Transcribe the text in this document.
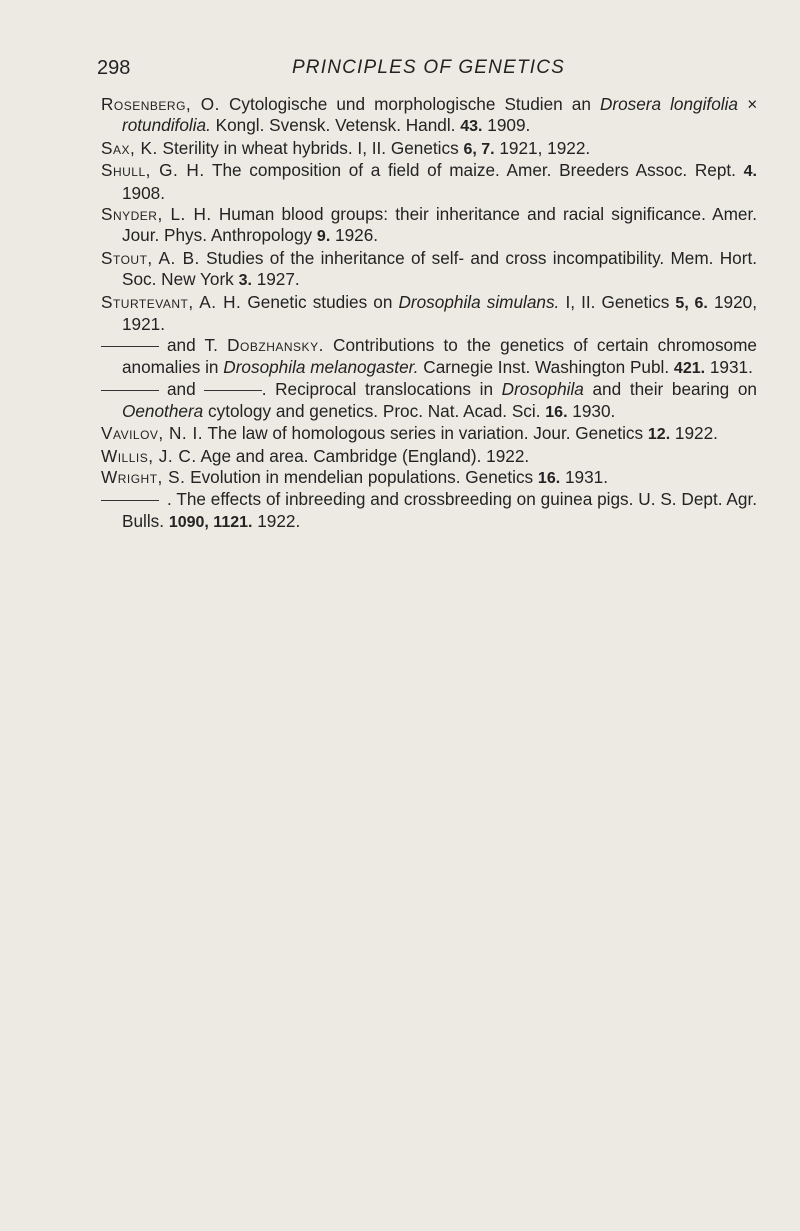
298	PRINCIPLES OF GENETICS

Rosenberg, O. Cytologische und morphologische Studien an Drosera longifolia × rotundifolia. Kongl. Svensk. Vetensk. Handl. 43. 1909.

Sax, K. Sterility in wheat hybrids. I, II. Genetics 6, 7. 1921, 1922.

Shull, G. H. The composition of a field of maize. Amer. Breeders Assoc. Rept. 4. 1908.

Snyder, L. H. Human blood groups: their inheritance and racial significance. Amer. Jour. Phys. Anthropology 9. 1926.

Stout, A. B. Studies of the inheritance of self- and cross incompatibility. Mem. Hort. Soc. New York 3. 1927.

Sturtevant, A. H. Genetic studies on Drosophila simulans. I, II. Genetics 5, 6. 1920, 1921.

and T. Dobzhansky. Contributions to the genetics of certain chromosome anomalies in Drosophila melanogaster. Carnegie Inst. Washington Publ. 421. 1931.

and	. Reciprocal translocations in Drosophila and their bearing on Oenothera cytology and genetics. Proc. Nat. Acad. Sci. 16. 1930.

Vavilov, N. I. The law of homologous series in variation. Jour. Genetics 12. 1922.

Willis, J. C. Age and area. Cambridge (England). 1922.

Wright, S. Evolution in mendelian populations. Genetics 16. 1931.

. The effects of inbreeding and crossbreeding on guinea pigs. U. S. Dept. Agr. Bulls. 1090, 1121. 1922.
